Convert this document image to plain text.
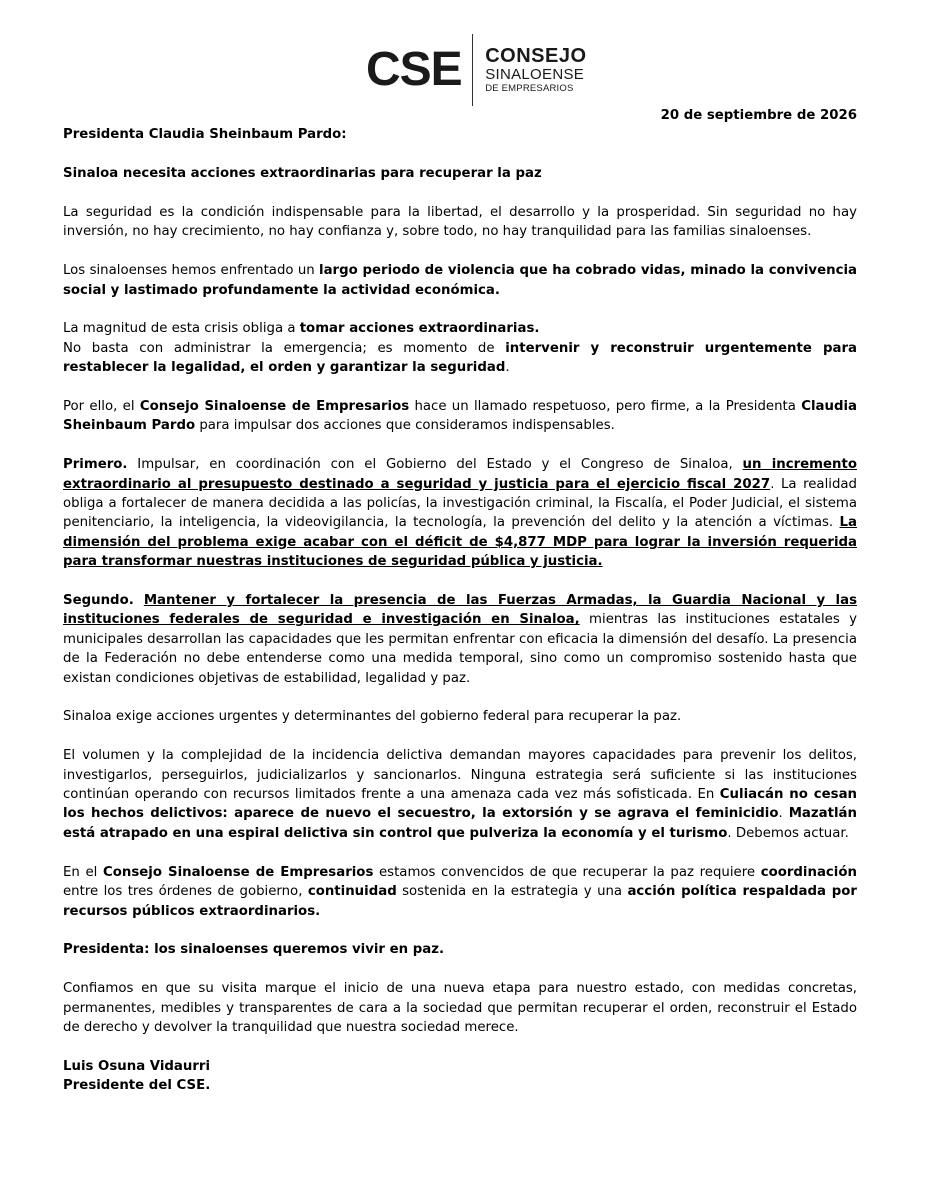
CSE CONSEJO
SINALOENSE
DE EMPRESARIOS

20 de septiembre de 2026

Presidenta Claudia Sheinbaum Pardo:

Sinaloa necesita acciones extraordinarias para recuperar la paz

La seguridad es la condición indispensable para la libertad, el desarrollo y la prosperidad. Sin seguridad no hay inversión, no hay crecimiento, no hay confianza y, sobre todo, no hay tranquilidad para las familias sinaloenses.

Los sinaloenses hemos enfrentado un largo periodo de violencia que ha cobrado vidas, minado la convivencia social y lastimado profundamente la actividad económica.

La magnitud de esta crisis obliga a tomar acciones extraordinarias.
No basta con administrar la emergencia; es momento de intervenir y reconstruir urgentemente para restablecer la legalidad, el orden y garantizar la seguridad.

Por ello, el Consejo Sinaloense de Empresarios hace un llamado respetuoso, pero firme, a la Presidenta Claudia Sheinbaum Pardo para impulsar dos acciones que consideramos indispensables.

Primero. Impulsar, en coordinación con el Gobierno del Estado y el Congreso de Sinaloa, un incremento extraordinario al presupuesto destinado a seguridad y justicia para el ejercicio fiscal 2027. La realidad obliga a fortalecer de manera decidida a las policías, la investigación criminal, la Fiscalía, el Poder Judicial, el sistema penitenciario, la inteligencia, la videovigilancia, la tecnología, la prevención del delito y la atención a víctimas. La dimensión del problema exige acabar con el déficit de $4,877 MDP para lograr la inversión requerida para transformar nuestras instituciones de seguridad pública y justicia.

Segundo. Mantener y fortalecer la presencia de las Fuerzas Armadas, la Guardia Nacional y las instituciones federales de seguridad e investigación en Sinaloa, mientras las instituciones estatales y municipales desarrollan las capacidades que les permitan enfrentar con eficacia la dimensión del desafío. La presencia de la Federación no debe entenderse como una medida temporal, sino como un compromiso sostenido hasta que existan condiciones objetivas de estabilidad, legalidad y paz.

Sinaloa exige acciones urgentes y determinantes del gobierno federal para recuperar la paz.

El volumen y la complejidad de la incidencia delictiva demandan mayores capacidades para prevenir los delitos, investigarlos, perseguirlos, judicializarlos y sancionarlos. Ninguna estrategia será suficiente si las instituciones continúan operando con recursos limitados frente a una amenaza cada vez más sofisticada. En Culiacán no cesan los hechos delictivos: aparece de nuevo el secuestro, la extorsión y se agrava el feminicidio. Mazatlán está atrapado en una espiral delictiva sin control que pulveriza la economía y el turismo. Debemos actuar.

En el Consejo Sinaloense de Empresarios estamos convencidos de que recuperar la paz requiere coordinación entre los tres órdenes de gobierno, continuidad sostenida en la estrategia y una acción política respaldada por recursos públicos extraordinarios.

Presidenta: los sinaloenses queremos vivir en paz.

Confiamos en que su visita marque el inicio de una nueva etapa para nuestro estado, con medidas concretas, permanentes, medibles y transparentes de cara a la sociedad que permitan recuperar el orden, reconstruir el Estado de derecho y devolver la tranquilidad que nuestra sociedad merece.

Luis Osuna Vidaurri
Presidente del CSE.
